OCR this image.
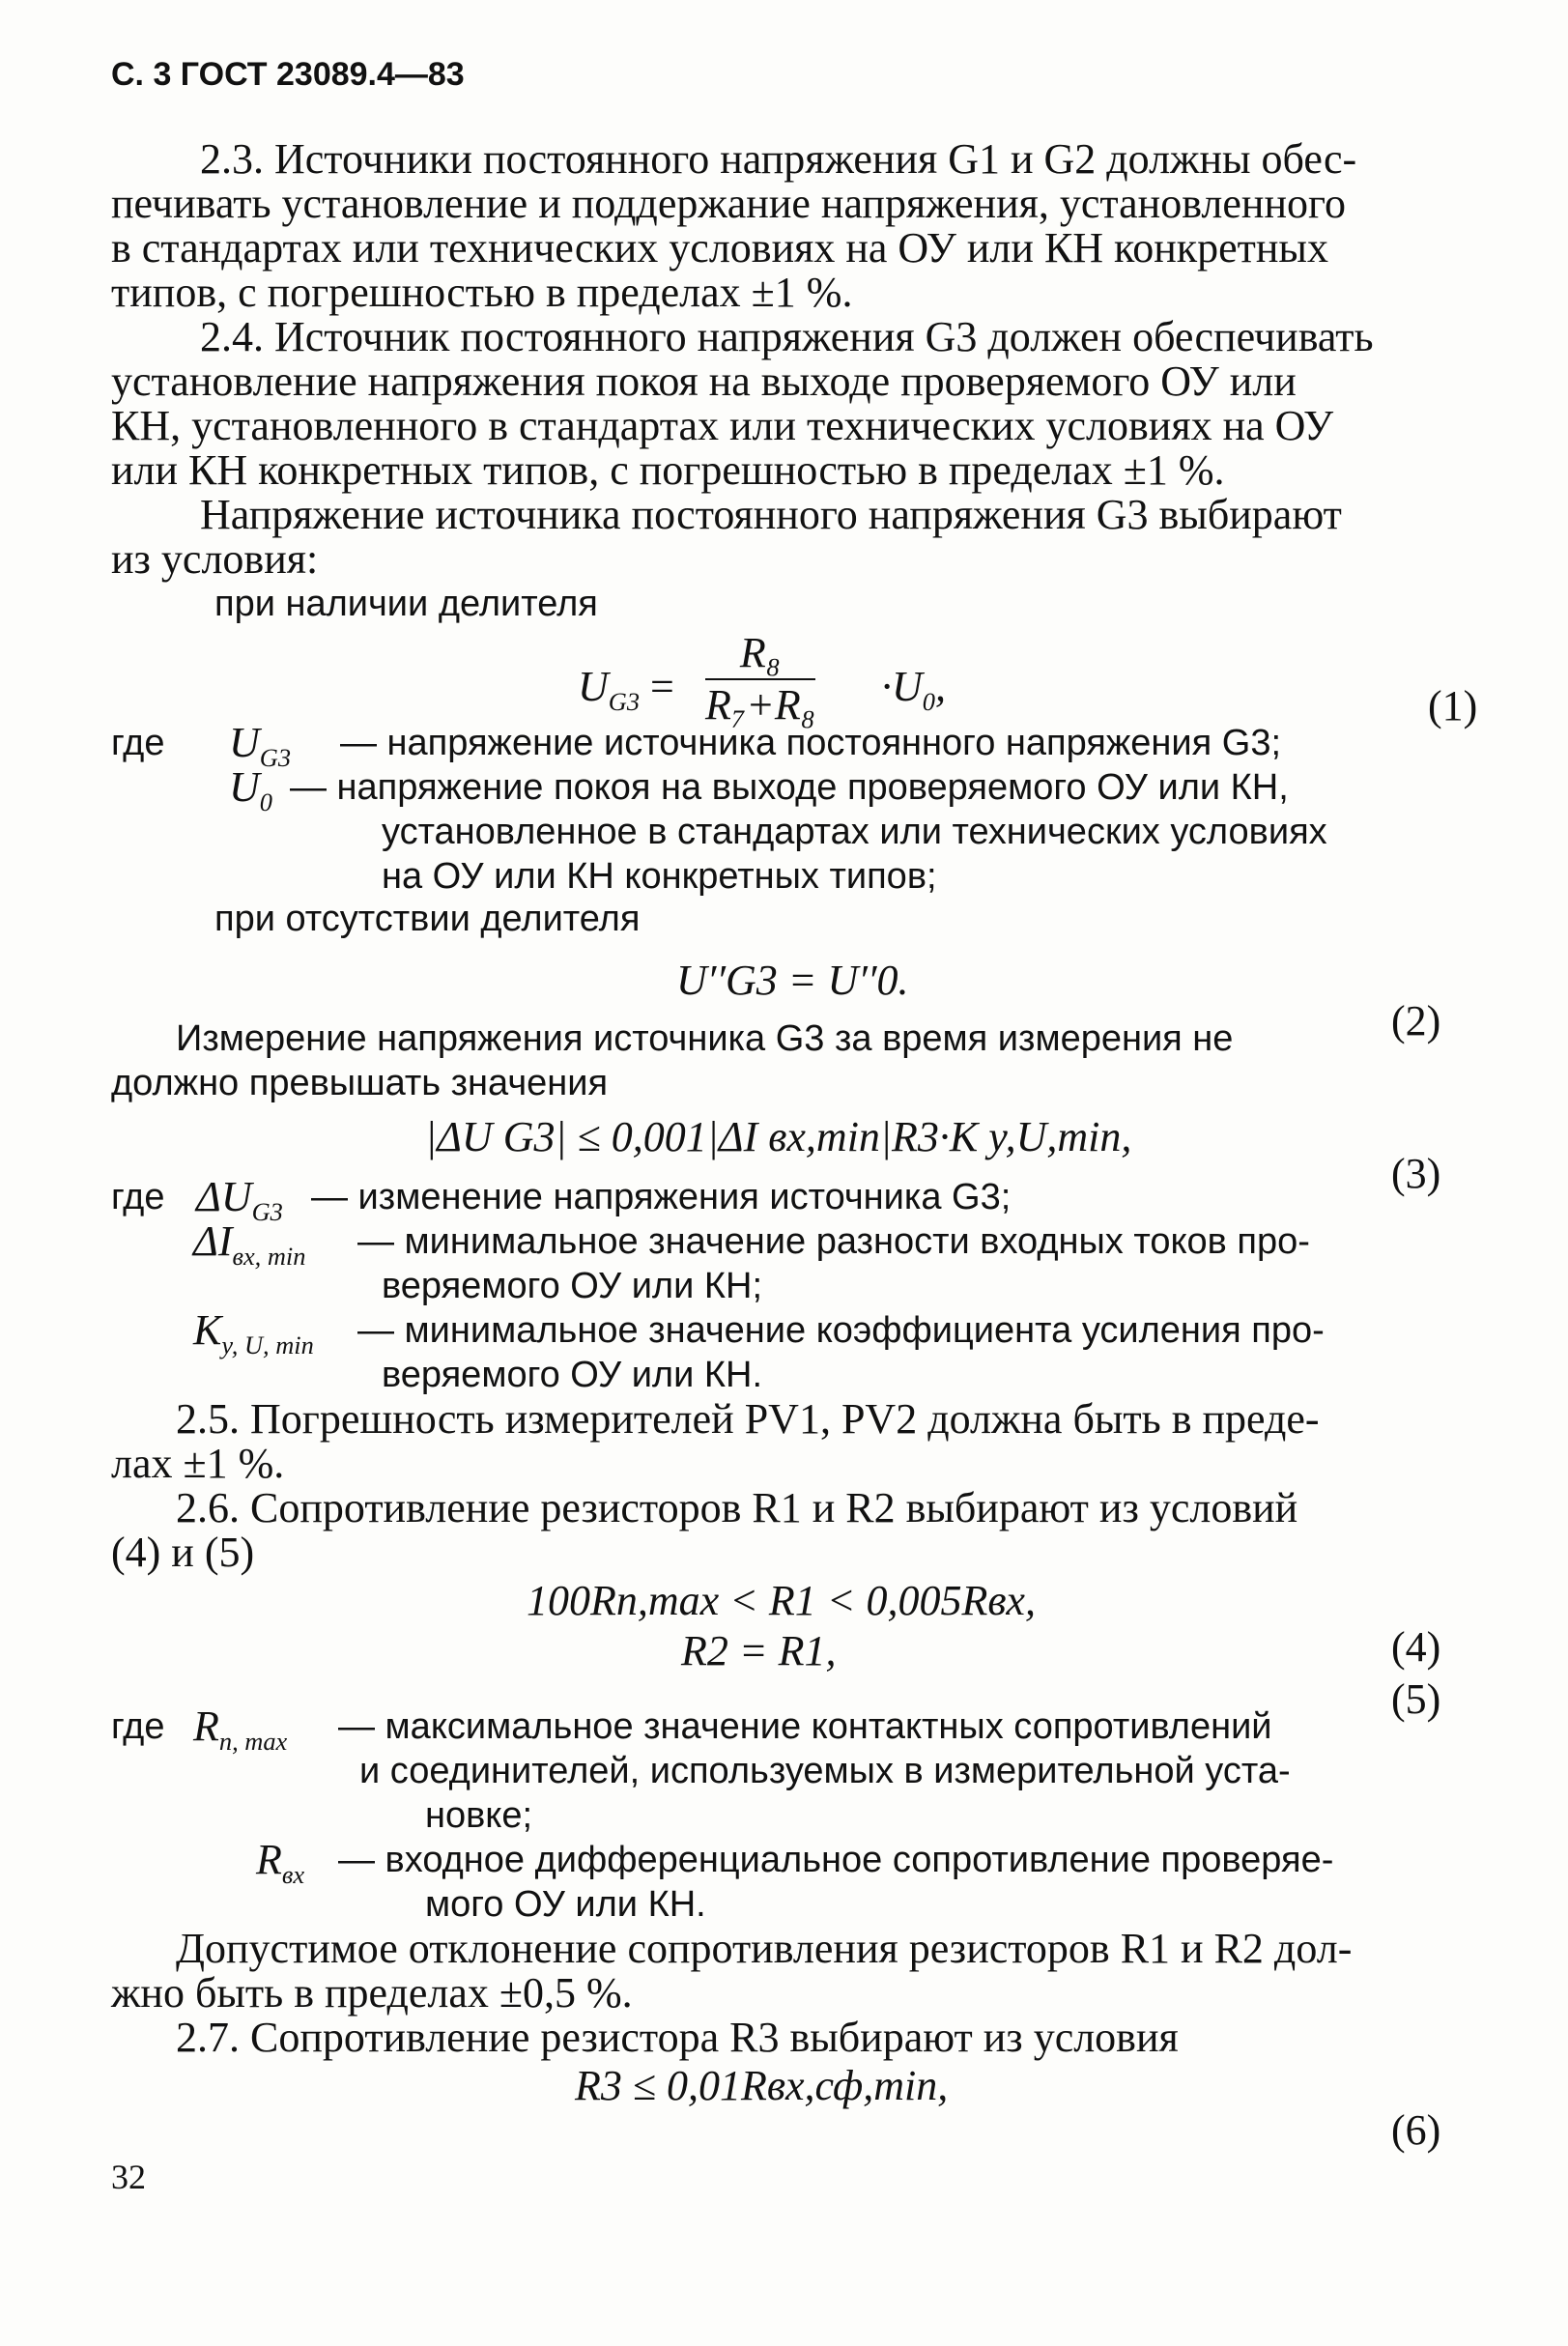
С. 3 ГОСТ 23089.4—83
2.3. Источники постоянного напряжения G1 и G2 должны обес-
печивать установление и поддержание напряжения, установленного
в стандартах или технических условиях на ОУ или КН конкретных
типов, с погрешностью в пределах ±1 %.
2.4. Источник постоянного напряжения G3 должен обеспечивать
установление напряжения покоя на выходе проверяемого ОУ или
КН, установленного в стандартах или технических условиях на ОУ
или КН конкретных типов, с погрешностью в пределах ±1 %.
Напряжение источника постоянного напряжения G3 выбирают
из условия:
при наличии делителя
$U_{G3} = \frac{\text{R₈}}{\text{R₇+R₈}} \cdot U_0$,	(1)
где $U_{G3}$ — напряжение источника постоянного напряжения G3;
$U_0$ — напряжение покоя на выходе проверяемого ОУ или КН,
установленное в стандартах или технических условиях
на ОУ или КН конкретных типов;
при отсутствии делителя
U′′G3 = U′′0.
(2)
Измерение напряжения источника G3 за время измерения не
должно превышать значения
|ΔU G3| ≤ 0,001|ΔI вх,min|R3·K у,U,min,
(3)
где $\Delta U_{G3}$ — изменение напряжения источника G3;
$\Delta I_{вх, min}$ — минимальное значение разности входных токов про-
веряемого ОУ или КН;
$K_{у, U, min}$ — минимальное значение коэффициента усиления про-
веряемого ОУ или КН.
2.5. Погрешность измерителей PV1, PV2 должна быть в преде-
лах ±1 %.
2.6. Сопротивление резисторов R1 и R2 выбирают из условий
(4) и (5)
100Rп,max < R1 < 0,005Rвх,
(4)
R2 = R1,
(5)
где $R_{п, max}$ — максимальное значение контактных сопротивлений
и соединителей, используемых в измерительной уста-
новке;
$R_{вх}$ — входное дифференциальное сопротивление проверяе-
мого ОУ или КН.
Допустимое отклонение сопротивления резисторов R1 и R2 дол-
жно быть в пределах ±0,5 %.
2.7. Сопротивление резистора R3 выбирают из условия
R3 ≤ 0,01Rвх,сф,min,
(6)
32
